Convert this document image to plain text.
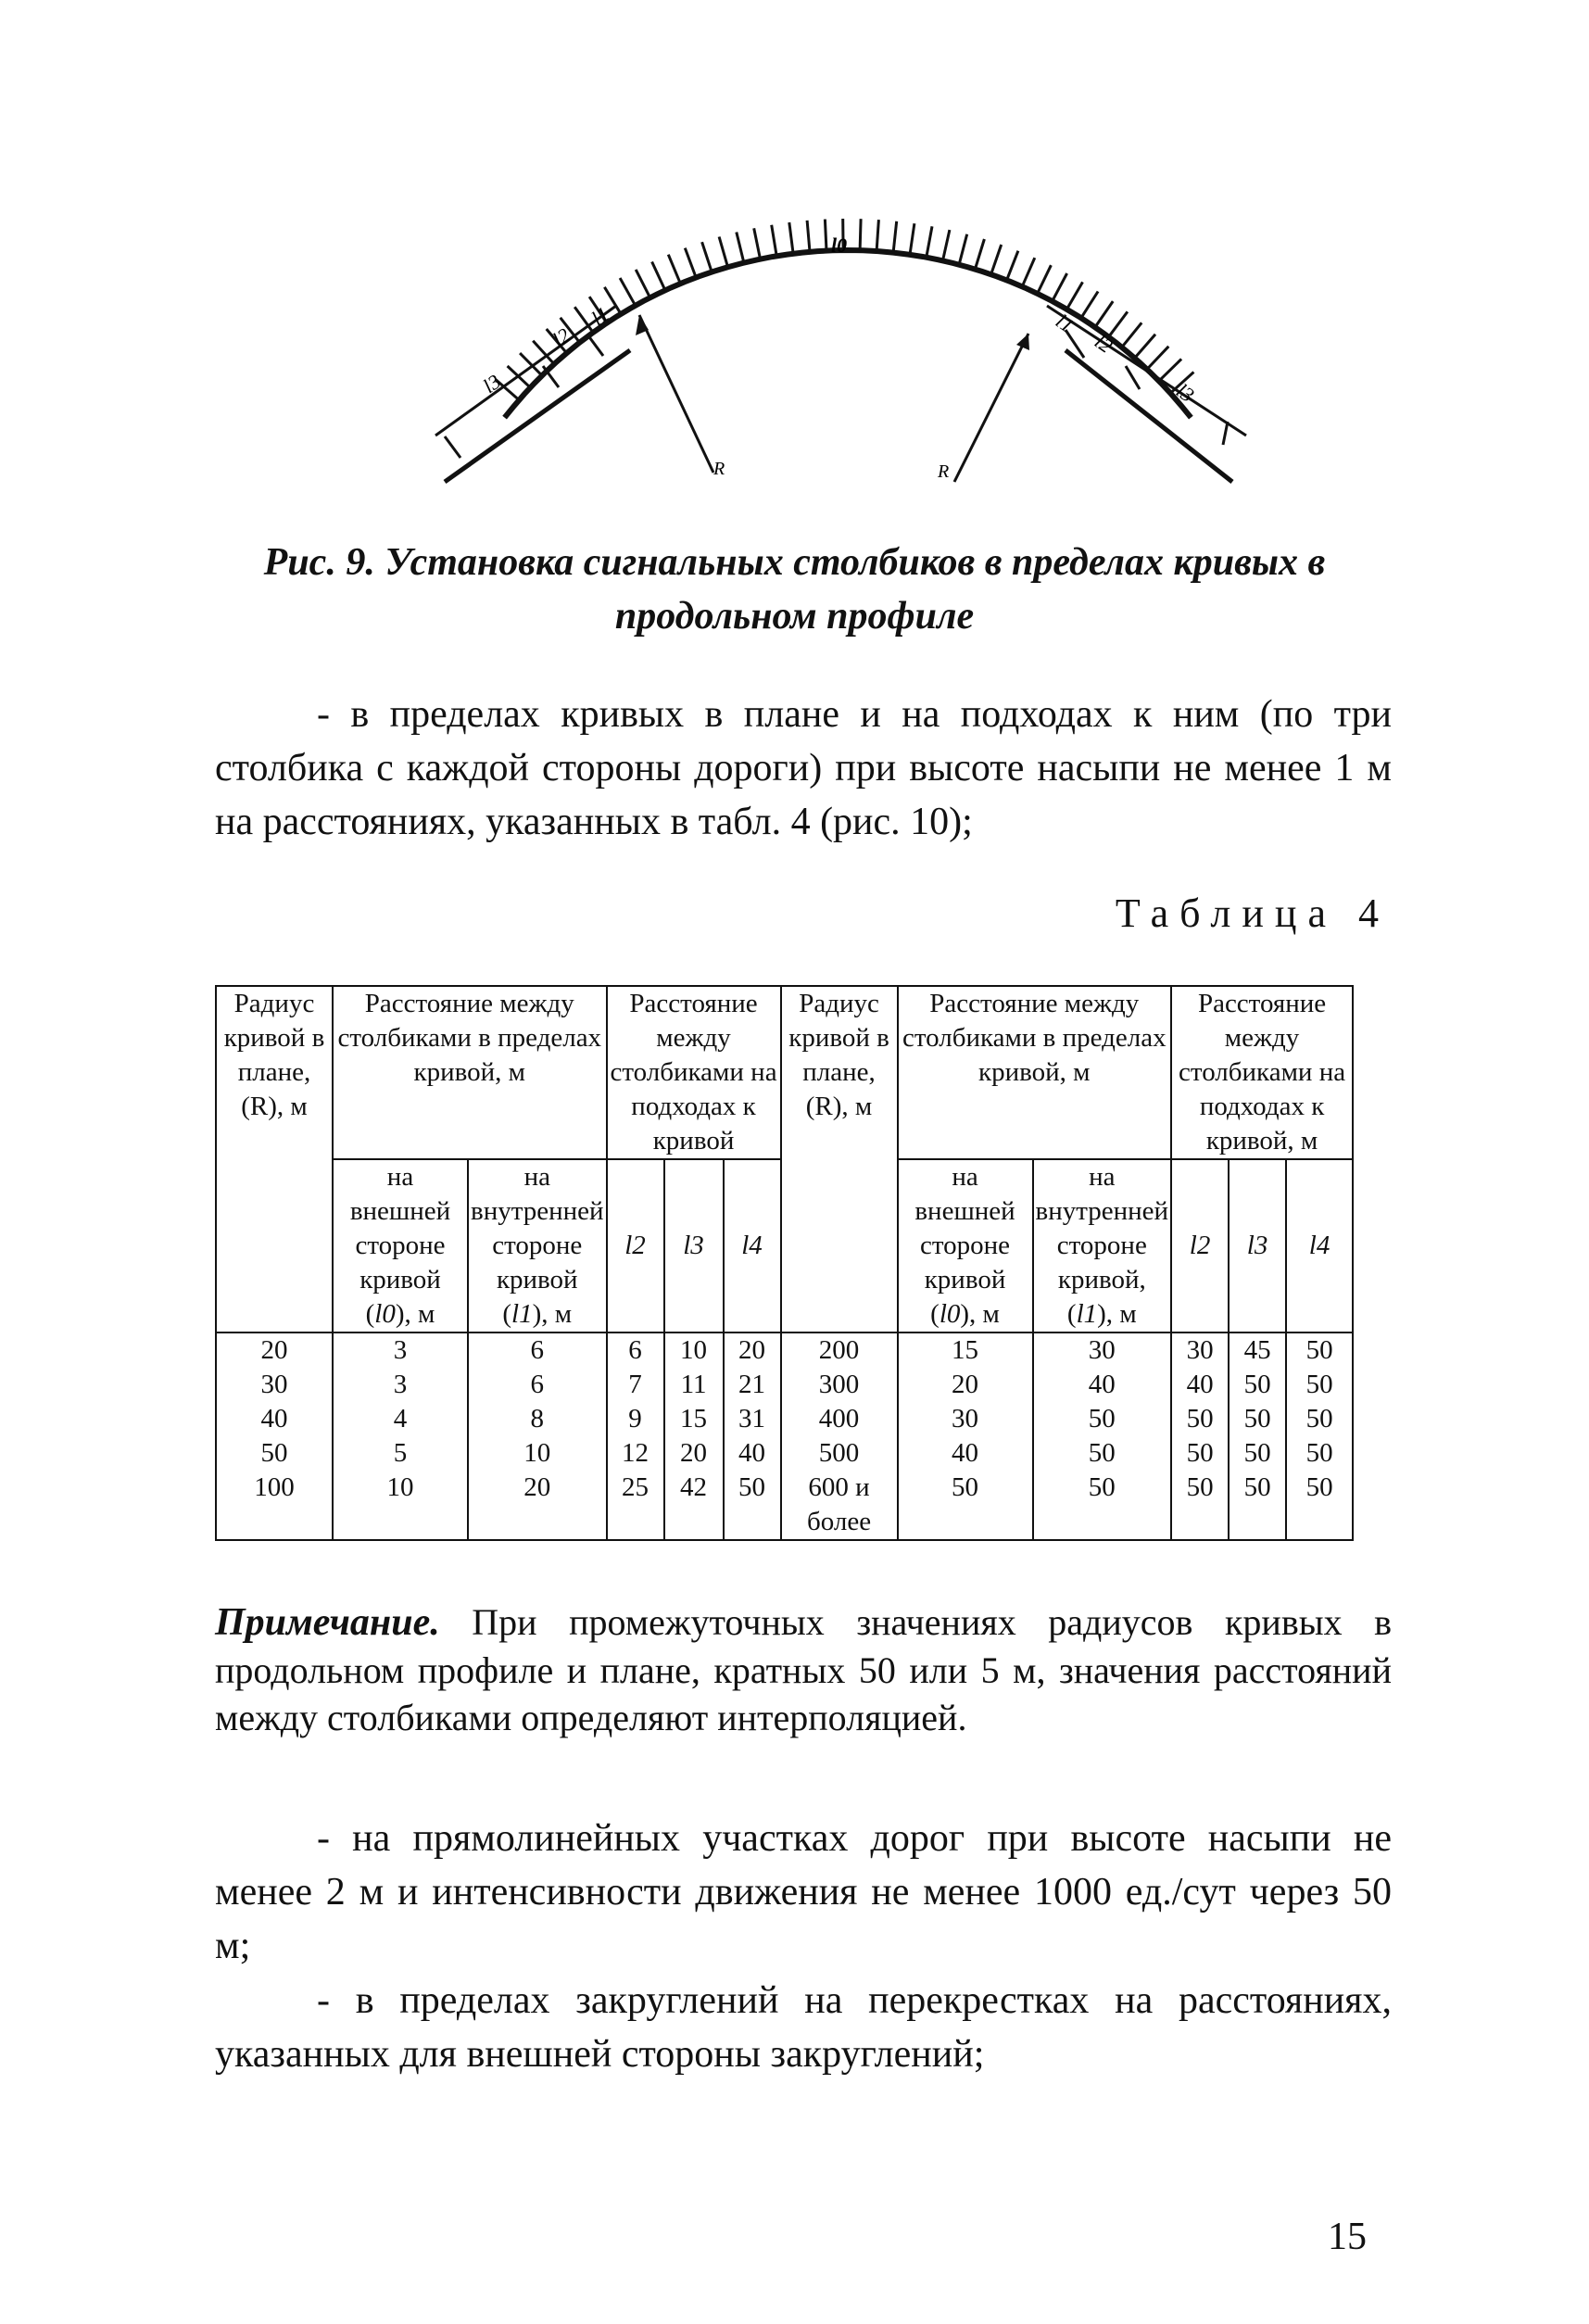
l3
l2
l1
l0
l1
l2
l3
R	R
Рис. 9. Установка сигнальных столбиков в пределах кривых в продольном профиле
- в пределах кривых в плане и на подходах к ним (по три столбика с каждой стороны дороги) при высоте насыпи не менее 1 м на расстояниях, указанных в табл. 4 (рис. 10);
Таблица 4
Радиус кривой в плане, (R), м	Расстояние между столбиками в пределах кривой, м		Расстояние между столбиками на подходах к кривой			Радиус кривой в плане, (R), м	Расстояние между столбиками в пределах кривой, м		Расстояние между столбиками на подходах к кривой, м		
	на внешней стороне кривой (l0), м	на внутренней стороне кривой (l1), м	l2	l3	l4		на внешней стороне кривой (l0), м	на внутренней стороне кривой, (l1), м	l2	l3	l4
20	3	6	6	10	20	200	15	30	30	45	50
30	3	6	7	11	21	300	20	40	40	50	50
40	4	8	9	15	31	400	30	50	50	50	50
50	5	10	12	20	40	500	40	50	50	50	50
100	10	20	25	42	50	600 и более	50	50	50	50	50
Примечание. При промежуточных значениях радиусов кривых в продольном профиле и плане, кратных 50 или 5 м, значения расстояний между столбиками определяют интерполяцией.
- на прямолинейных участках дорог при высоте насыпи не менее 2 м и интенсивности движения не менее 1000 ед./сут через 50 м;
- в пределах закруглений на перекрестках на расстояниях, указанных для внешней стороны закруглений;
15
